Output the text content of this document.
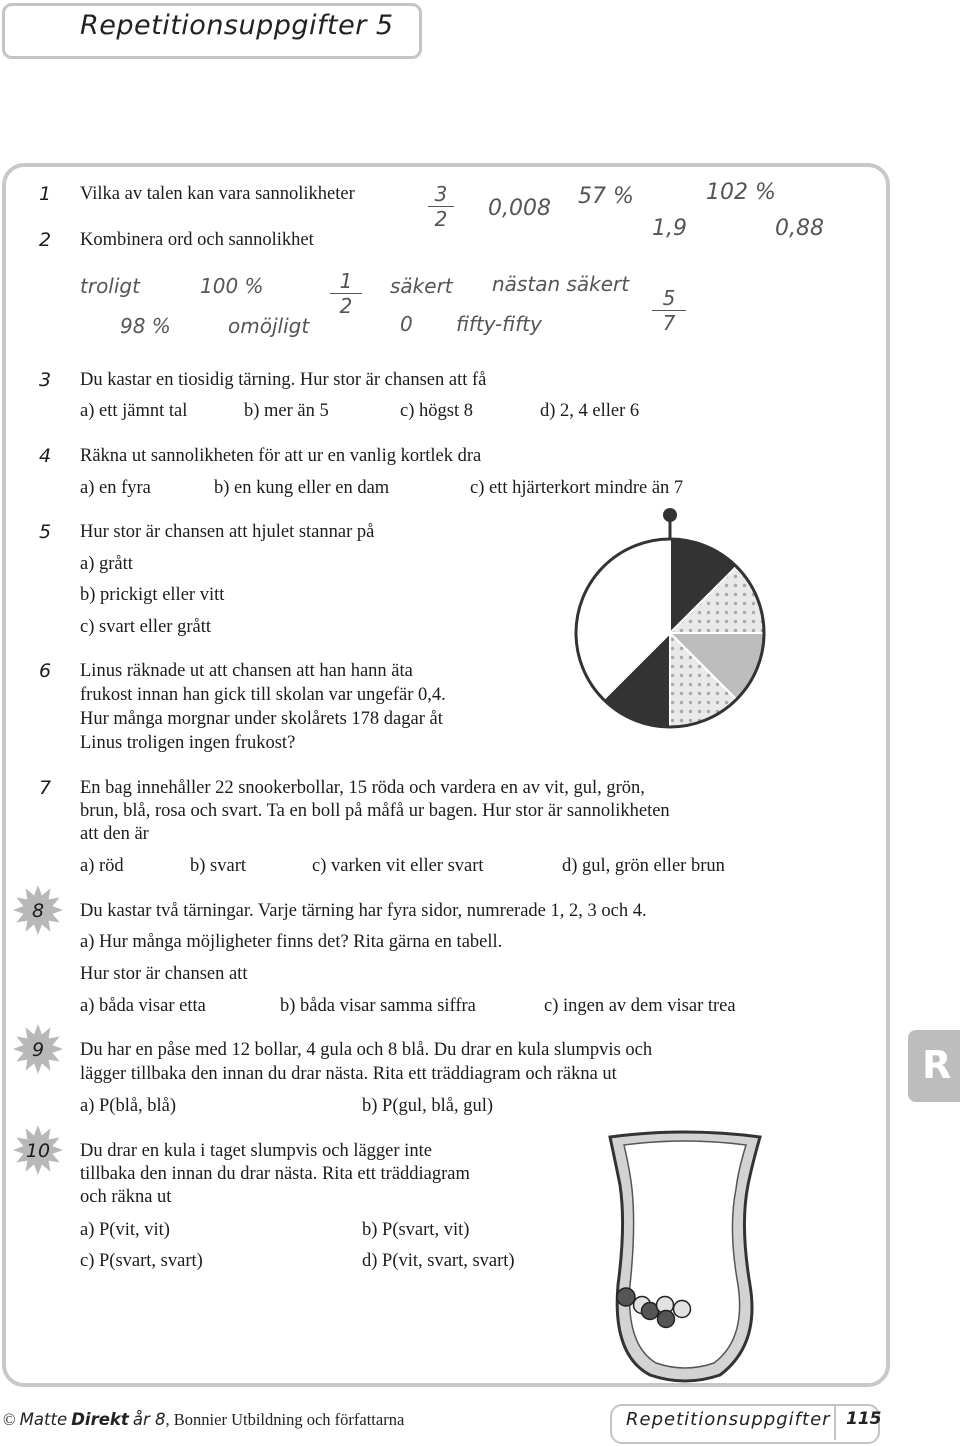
Repetitionsuppgifter 5
1	Vilka av talen kan vara sannolikheter	3
2	0,008 57 %
1,9
102 %
0,88
2	Kombinera ord och sannolikhet
troligt	100 %	1
2
säkert nästan säkert
98 %	omöjligt	0 fifty-fifty
5
7
3	Du kastar en tiosidig tärning. Hur stor är chansen att få
a) ett jämnt tal	b) mer än 5	c) högst 8	d) 2, 4 eller 6
4	Räkna ut sannolikheten för att ur en vanlig kortlek dra
a) en fyra	b) en kung eller en dam	c) ett hjärterkort mindre än 7
5	Hur stor är chansen att hjulet stannar på
a) grått
b) prickigt eller vitt
c) svart eller grått
6	Linus räknade ut att chansen att han hann äta
frukost innan han gick till skolan var ungefär 0,4.
Hur många morgnar under skolårets 178 dagar åt
Linus troligen ingen frukost?
7	En bag innehåller 22 snookerbollar, 15 röda och vardera en av vit, gul, grön,
brun, blå, rosa och svart. Ta en boll på måfå ur bagen. Hur stor är sannolikheten
att den är
a) röd	b) svart	c) varken vit eller svart	d) gul, grön eller brun
8	Du kastar två tärningar. Varje tärning har fyra sidor, numrerade 1, 2, 3 och 4.
a) Hur många möjligheter finns det? Rita gärna en tabell.
Hur stor är chansen att
a) båda visar etta	b) båda visar samma siffra	c) ingen av dem visar trea
9	Du har en påse med 12 bollar, 4 gula och 8 blå. Du drar en kula slumpvis och
lägger tillbaka den innan du drar nästa. Rita ett träddiagram och räkna ut
a) P(blå, blå)	b) P(gul, blå, gul)
10 Du drar en kula i taget slumpvis och lägger inte
tillbaka den innan du drar nästa. Rita ett träddiagram
och räkna ut
a) P(vit, vit)	b) P(svart, vit)
c) P(svart, svart)	d) P(vit, svart, svart)
R
© Matte Direkt år 8, Bonnier Utbildning och författarna	Repetitionsuppgifter 115
